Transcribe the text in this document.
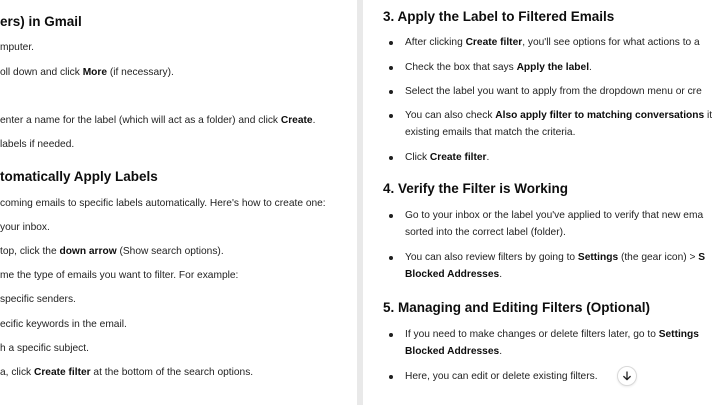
ers) in Gmail
mputer.
oll down and click More (if necessary).
enter a name for the label (which will act as a folder) and click Create.
labels if needed.
tomatically Apply Labels
coming emails to specific labels automatically. Here's how to create one:
your inbox.
top, click the down arrow (Show search options).
me the type of emails you want to filter. For example:
specific senders.
ecific keywords in the email.
h a specific subject.
a, click Create filter at the bottom of the search options.
3. Apply the Label to Filtered Emails
After clicking Create filter, you'll see options for what actions to a
Check the box that says Apply the label.
Select the label you want to apply from the dropdown menu or cre
You can also check Also apply filter to matching conversations it
existing emails that match the criteria.
Click Create filter.
4. Verify the Filter is Working
Go to your inbox or the label you've applied to verify that new ema
sorted into the correct label (folder).
You can also review filters by going to Settings (the gear icon) > S
Blocked Addresses.
5. Managing and Editing Filters (Optional)
If you need to make changes or delete filters later, go to Settings
Blocked Addresses.
Here, you can edit or delete existing filters.
